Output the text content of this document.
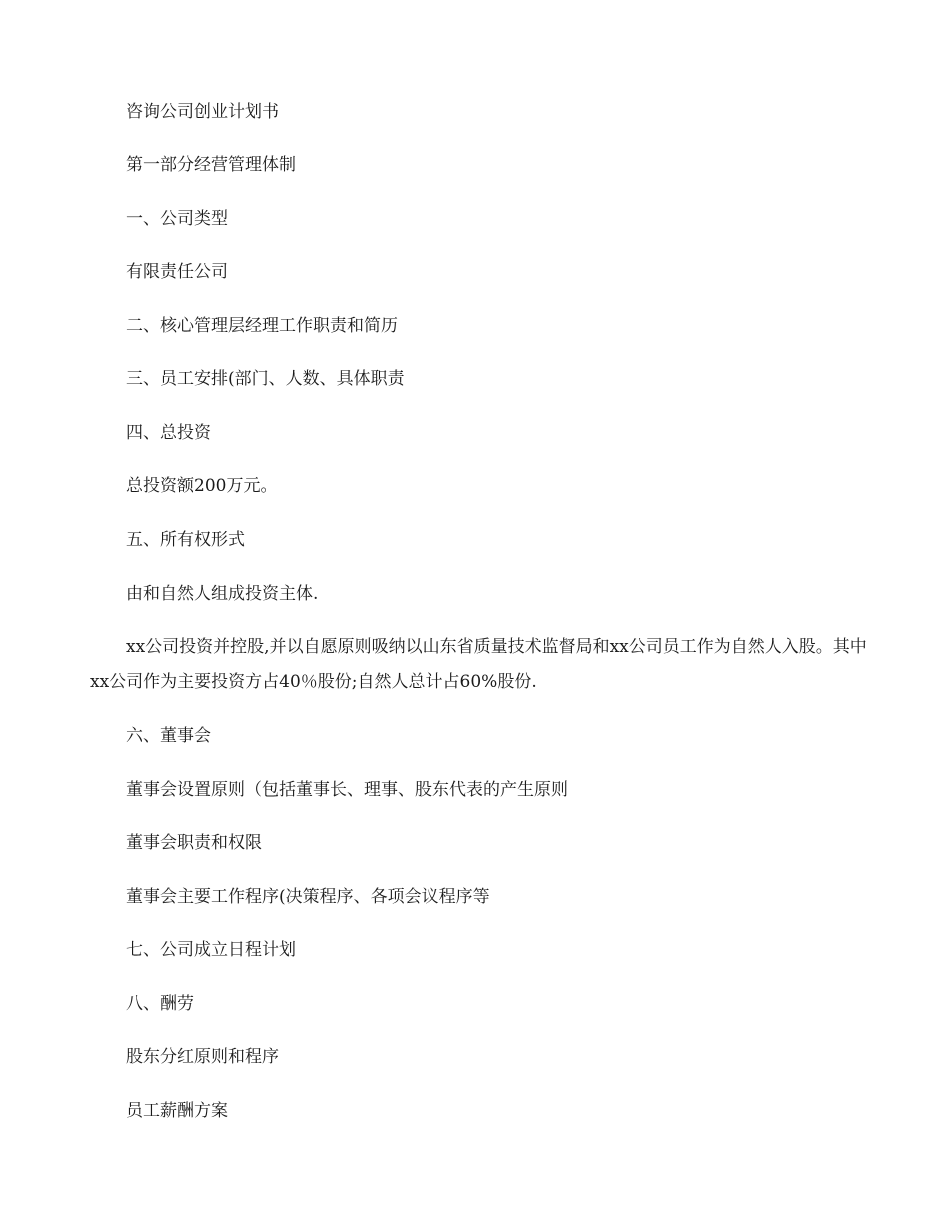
咨询公司创业计划书
第一部分经营管理体制
一、公司类型
有限责任公司
二、核心管理层经理工作职责和简历
三、员工安排(部门、人数、具体职责
四、总投资
总投资额200万元。
五、所有权形式
由和自然人组成投资主体.
xx公司投资并控股,并以自愿原则吸纳以山东省质量技术监督局和xx公司员工作为自然人入股。其中xx公司作为主要投资方占40％股份;自然人总计占60%股份.
六、董事会
董事会设置原则（包括董事长、理事、股东代表的产生原则
董事会职责和权限
董事会主要工作程序(决策程序、各项会议程序等
七、公司成立日程计划
八、酬劳
股东分红原则和程序
员工薪酬方案
